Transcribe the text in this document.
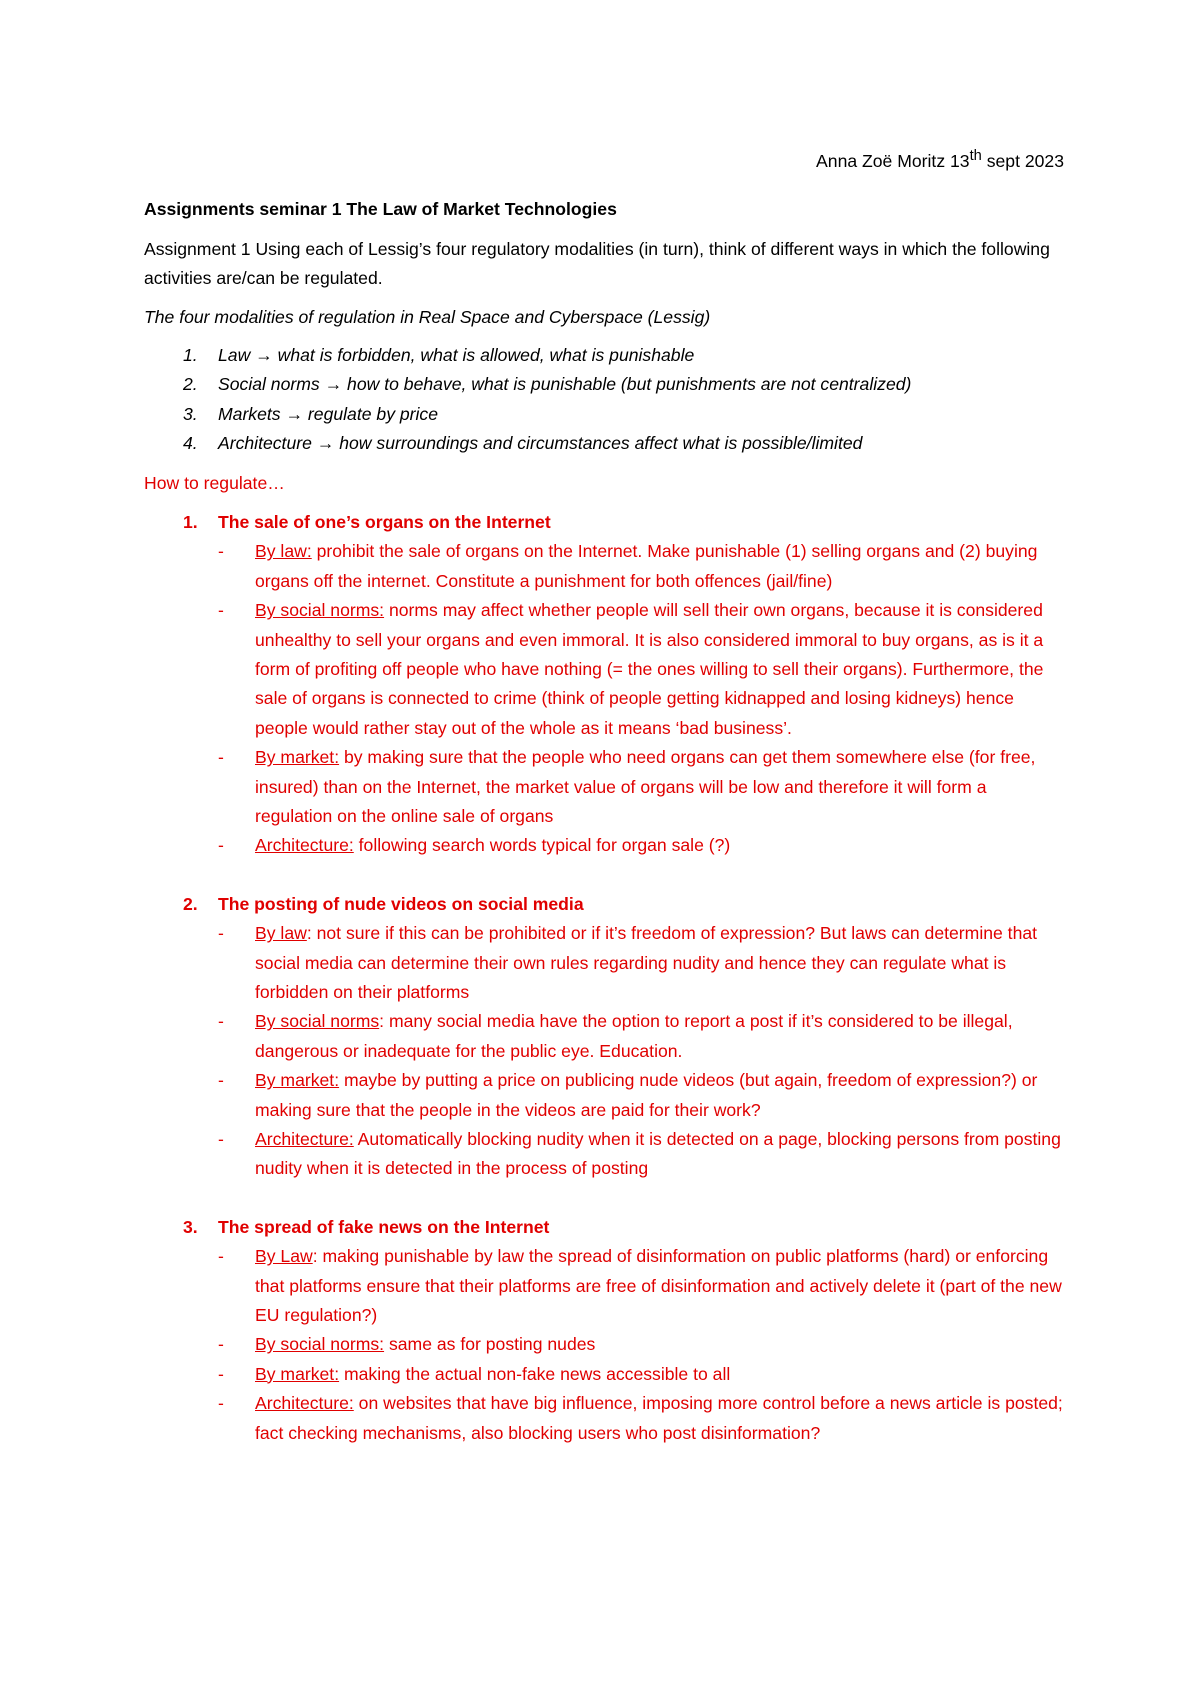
Anna Zoë Moritz 13th sept 2023

Assignments seminar 1 The Law of Market Technologies

Assignment 1 Using each of Lessig’s four regulatory modalities (in turn), think of different ways in which the following activities are/can be regulated.

The four modalities of regulation in Real Space and Cyberspace (Lessig)

1. Law → what is forbidden, what is allowed, what is punishable
2. Social norms → how to behave, what is punishable (but punishments are not centralized)
3. Markets → regulate by price
4. Architecture → how surroundings and circumstances affect what is possible/limited

How to regulate…

1. The sale of one’s organs on the Internet
- By law: prohibit the sale of organs on the Internet. Make punishable (1) selling organs and (2) buying organs off the internet. Constitute a punishment for both offences (jail/fine)
- By social norms: norms may affect whether people will sell their own organs, because it is considered unhealthy to sell your organs and even immoral. It is also considered immoral to buy organs, as is it a form of profiting off people who have nothing (= the ones willing to sell their organs). Furthermore, the sale of organs is connected to crime (think of people getting kidnapped and losing kidneys) hence people would rather stay out of the whole as it means ‘bad business’.
- By market: by making sure that the people who need organs can get them somewhere else (for free, insured) than on the Internet, the market value of organs will be low and therefore it will form a regulation on the online sale of organs
- Architecture: following search words typical for organ sale (?)
2. The posting of nude videos on social media
- By law: not sure if this can be prohibited or if it’s freedom of expression? But laws can determine that social media can determine their own rules regarding nudity and hence they can regulate what is forbidden on their platforms
- By social norms: many social media have the option to report a post if it’s considered to be illegal, dangerous or inadequate for the public eye. Education.
- By market: maybe by putting a price on publicing nude videos (but again, freedom of expression?) or making sure that the people in the videos are paid for their work?
- Architecture: Automatically blocking nudity when it is detected on a page, blocking persons from posting nudity when it is detected in the process of posting
3. The spread of fake news on the Internet
- By Law: making punishable by law the spread of disinformation on public platforms (hard) or enforcing that platforms ensure that their platforms are free of disinformation and actively delete it (part of the new EU regulation?)
- By social norms: same as for posting nudes
- By market: making the actual non-fake news accessible to all
- Architecture: on websites that have big influence, imposing more control before a news article is posted; fact checking mechanisms, also blocking users who post disinformation?
